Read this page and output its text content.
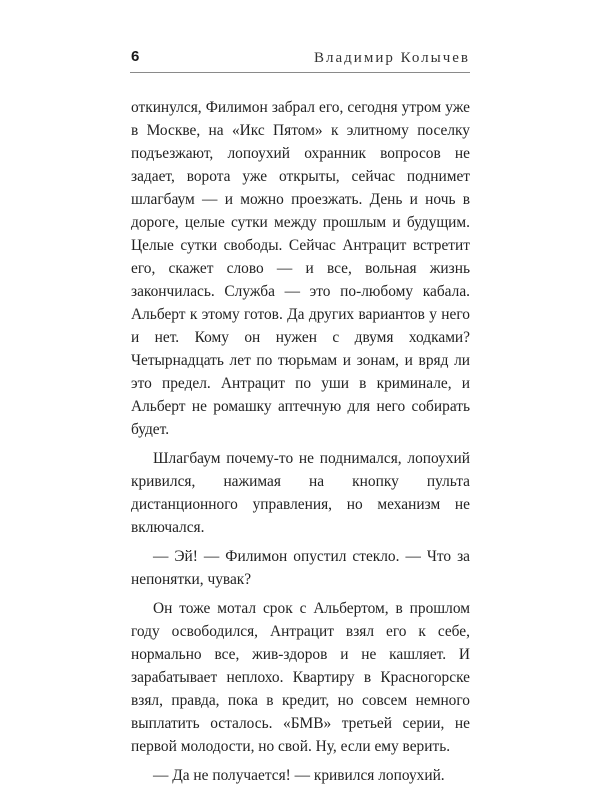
6	Владимир Колычев

откинулся, Филимон забрал его, сегодня утром уже в Москве, на «Икс Пятом» к элитному поселку подъезжают, лопоухий охранник вопросов не задает, ворота уже открыты, сейчас поднимет шлагбаум — и можно проезжать. День и ночь в дороге, целые сутки между прошлым и будущим. Целые сутки свободы. Сейчас Антрацит встретит его, скажет слово — и все, вольная жизнь закончилась. Служба — это по-любому кабала. Альберт к этому готов. Да других вариантов у него и нет. Кому он нужен с двумя ходками? Четырнадцать лет по тюрьмам и зонам, и вряд ли это предел. Антрацит по уши в криминале, и Альберт не ромашку аптечную для него собирать будет.

Шлагбаум почему-то не поднимался, лопоухий кривился, нажимая на кнопку пульта дистанционного управления, но механизм не включался.

— Эй! — Филимон опустил стекло. — Что за непонятки, чувак?

Он тоже мотал срок с Альбертом, в прошлом году освободился, Антрацит взял его к себе, нормально все, жив-здоров и не кашляет. И зарабатывает неплохо. Квартиру в Красногорске взял, правда, пока в кредит, но совсем немного выплатить осталось. «БМВ» третьей серии, не первой молодости, но свой. Ну, если ему верить.

— Да не получается! — кривился лопоухий.
